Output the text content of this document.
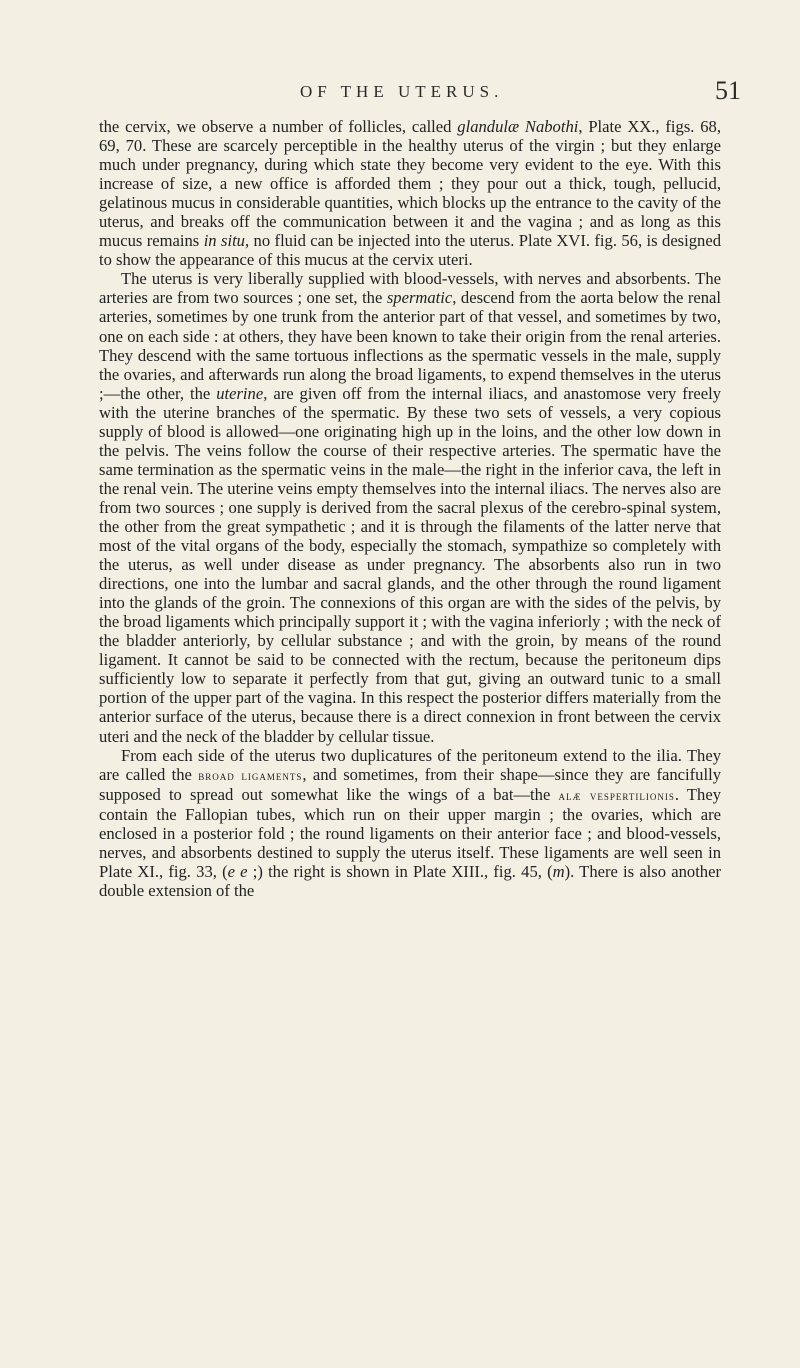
OF THE UTERUS.	51

the cervix, we observe a number of follicles, called glandulæ Nabothi, Plate XX., figs. 68, 69, 70. These are scarcely perceptible in the healthy uterus of the virgin ; but they enlarge much under pregnancy, during which state they become very evident to the eye. With this increase of size, a new office is afforded them ; they pour out a thick, tough, pellucid, gelatinous mucus in considerable quantities, which blocks up the entrance to the cavity of the uterus, and breaks off the communication between it and the vagina ; and as long as this mucus remains in situ, no fluid can be injected into the uterus. Plate XVI. fig. 56, is designed to show the appearance of this mucus at the cervix uteri.

The uterus is very liberally supplied with blood-vessels, with nerves and absorbents. The arteries are from two sources ; one set, the spermatic, descend from the aorta below the renal arteries, sometimes by one trunk from the anterior part of that vessel, and sometimes by two, one on each side : at others, they have been known to take their origin from the renal arteries. They descend with the same tortuous inflections as the spermatic vessels in the male, supply the ovaries, and afterwards run along the broad ligaments, to expend themselves in the uterus ;—the other, the uterine, are given off from the internal iliacs, and anastomose very freely with the uterine branches of the spermatic. By these two sets of vessels, a very copious supply of blood is allowed—one originating high up in the loins, and the other low down in the pelvis. The veins follow the course of their respective arteries. The spermatic have the same termination as the spermatic veins in the male—the right in the inferior cava, the left in the renal vein. The uterine veins empty themselves into the internal iliacs. The nerves also are from two sources ; one supply is derived from the sacral plexus of the cerebro-spinal system, the other from the great sympathetic ; and it is through the filaments of the latter nerve that most of the vital organs of the body, especially the stomach, sympathize so completely with the uterus, as well under disease as under pregnancy. The absorbents also run in two directions, one into the lumbar and sacral glands, and the other through the round ligament into the glands of the groin. The connexions of this organ are with the sides of the pelvis, by the broad ligaments which principally support it ; with the vagina inferiorly ; with the neck of the bladder anteriorly, by cellular substance ; and with the groin, by means of the round ligament. It cannot be said to be connected with the rectum, because the peritoneum dips sufficiently low to separate it perfectly from that gut, giving an outward tunic to a small portion of the upper part of the vagina. In this respect the posterior differs materially from the anterior surface of the uterus, because there is a direct connexion in front between the cervix uteri and the neck of the bladder by cellular tissue.

From each side of the uterus two duplicatures of the peritoneum extend to the ilia. They are called the broad ligaments, and sometimes, from their shape—since they are fancifully supposed to spread out somewhat like the wings of a bat—the alæ vespertilionis. They contain the Fallopian tubes, which run on their upper margin ; the ovaries, which are enclosed in a posterior fold ; the round ligaments on their anterior face ; and blood-vessels, nerves, and absorbents destined to supply the uterus itself. These ligaments are well seen in Plate XI., fig. 33, (e e ;) the right is shown in Plate XIII., fig. 45, (m). There is also another double extension of the
